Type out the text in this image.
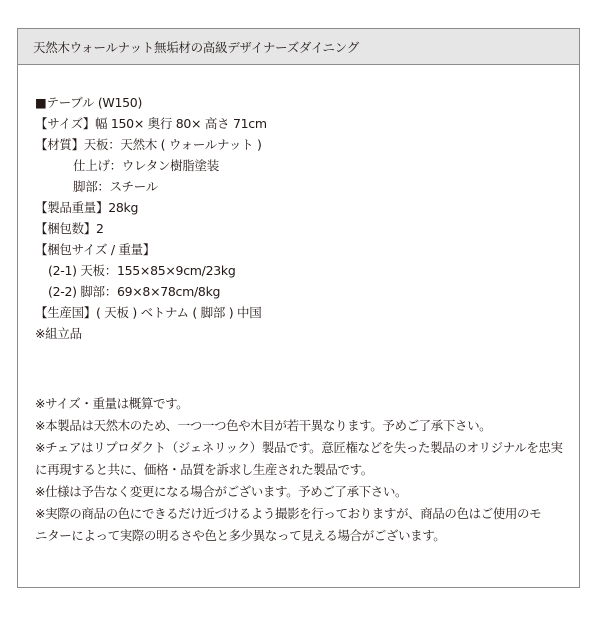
天然木ウォールナット無垢材の高級デザイナーズダイニング
■テーブル (W150)
【サイズ】幅 150× 奥行 80× 高さ 71cm
【材質】天板：天然木 ( ウォールナット )
仕上げ：ウレタン樹脂塗装
脚部：スチール
【製品重量】28kg
【梱包数】2
【梱包サイズ / 重量】
(2-1) 天板：155×85×9cm/23kg
(2-2) 脚部：69×8×78cm/8kg
【生産国】( 天板 ) ベトナム ( 脚部 ) 中国
※組立品
※サイズ・重量は概算です。
※本製品は天然木のため、一つ一つ色や木目が若干異なります。予めご了承下さい。
※チェアはリプロダクト（ジェネリック）製品です。意匠権などを失った製品のオリジナルを忠実
に再現すると共に、価格・品質を訴求し生産された製品です。
※仕様は予告なく変更になる場合がございます。予めご了承下さい。
※実際の商品の色にできるだけ近づけるよう撮影を行っておりますが、商品の色はご使用のモ
ニターによって実際の明るさや色と多少異なって見える場合がございます。
